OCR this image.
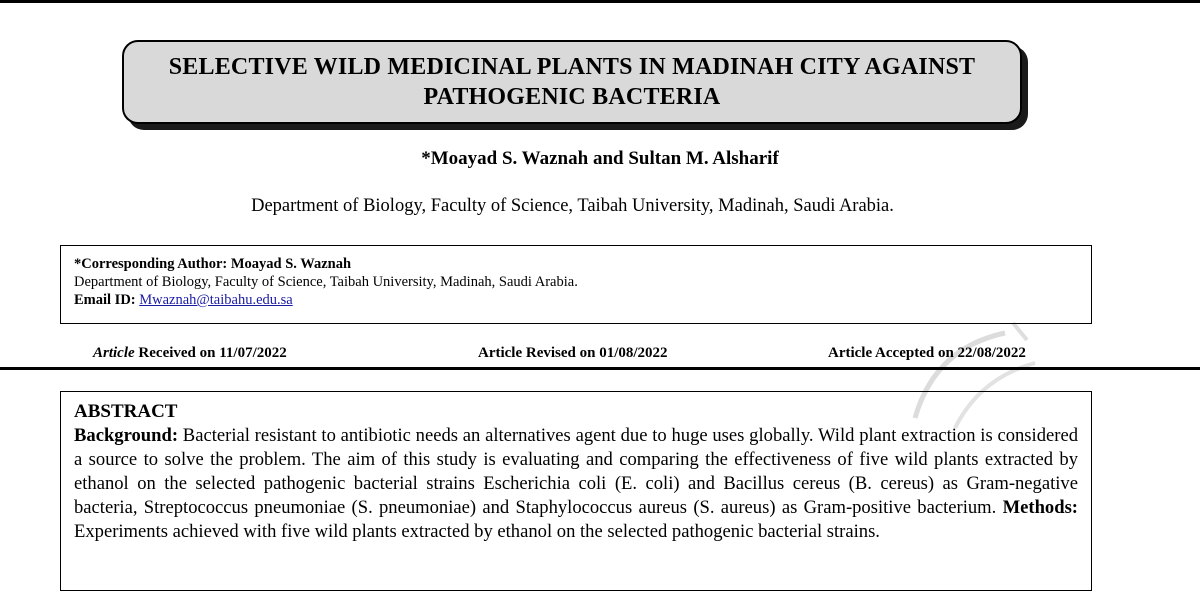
SELECTIVE WILD MEDICINAL PLANTS IN MADINAH CITY AGAINST
PATHOGENIC BACTERIA
*Moayad S. Waznah and Sultan M. Alsharif
Department of Biology, Faculty of Science, Taibah University, Madinah, Saudi Arabia.
*Corresponding Author: Moayad S. Waznah
Department of Biology, Faculty of Science, Taibah University, Madinah, Saudi Arabia.
Email ID: Mwaznah@taibahu.edu.sa
Article Received on 11/07/2022	Article Revised on 01/08/2022	Article Accepted on 22/08/2022
ABSTRACT
Background: Bacterial resistant to antibiotic needs an alternatives agent due to huge uses globally. Wild plant extraction is considered a source to solve the problem. The aim of this study is evaluating and comparing the effectiveness of five wild plants extracted by ethanol on the selected pathogenic bacterial strains Escherichia coli (E. coli) and Bacillus cereus (B. cereus) as Gram-negative bacteria, Streptococcus pneumoniae (S. pneumoniae) and Staphylococcus aureus (S. aureus) as Gram-positive bacterium. Methods: Experiments achieved with five wild plants extracted by ethanol on the selected pathogenic bacterial strains.
